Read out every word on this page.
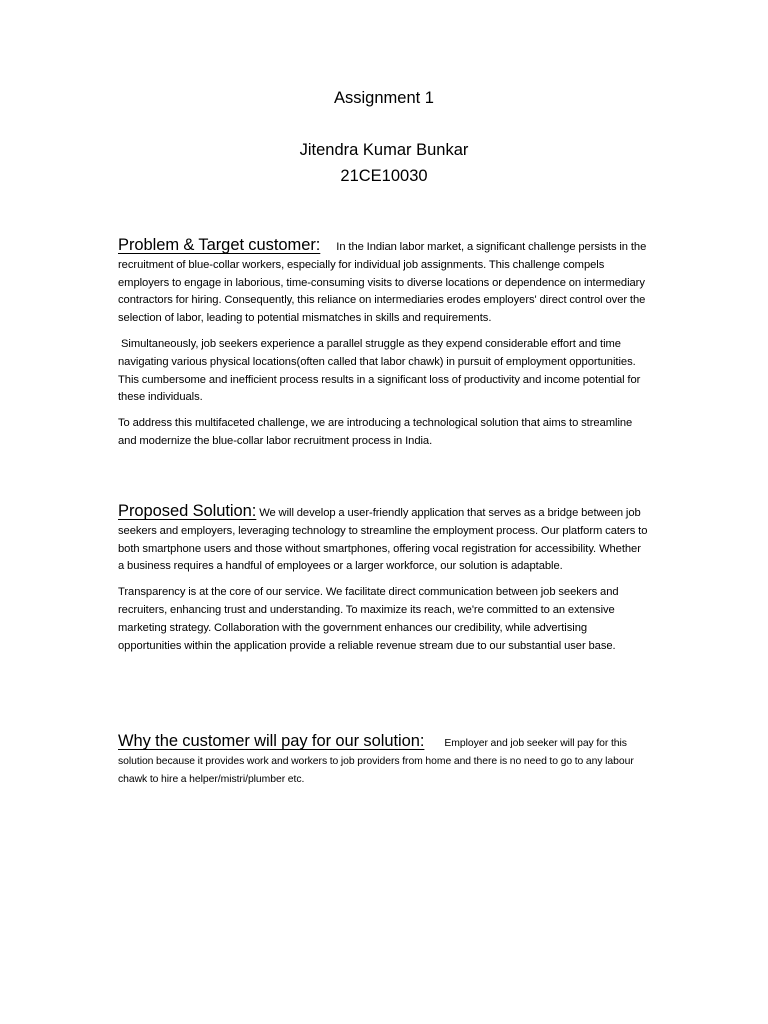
Assignment 1
Jitendra Kumar Bunkar
21CE10030

Problem & Target customer: In the Indian labor market, a significant challenge persists in the recruitment of blue-collar workers, especially for individual job assignments. This challenge compels employers to engage in laborious, time-consuming visits to diverse locations or dependence on intermediary contractors for hiring. Consequently, this reliance on intermediaries erodes employers' direct control over the selection of labor, leading to potential mismatches in skills and requirements.

Simultaneously, job seekers experience a parallel struggle as they expend considerable effort and time navigating various physical locations(often called that labor chawk) in pursuit of employment opportunities. This cumbersome and inefficient process results in a significant loss of productivity and income potential for these individuals.

To address this multifaceted challenge, we are introducing a technological solution that aims to streamline and modernize the blue-collar labor recruitment process in India.

Proposed Solution: We will develop a user-friendly application that serves as a bridge between job seekers and employers, leveraging technology to streamline the employment process. Our platform caters to both smartphone users and those without smartphones, offering vocal registration for accessibility. Whether a business requires a handful of employees or a larger workforce, our solution is adaptable.

Transparency is at the core of our service. We facilitate direct communication between job seekers and recruiters, enhancing trust and understanding. To maximize its reach, we're committed to an extensive marketing strategy. Collaboration with the government enhances our credibility, while advertising opportunities within the application provide a reliable revenue stream due to our substantial user base.

Why the customer will pay for our solution: Employer and job seeker will pay for this solution because it provides work and workers to job providers from home and there is no need to go to any labour chawk to hire a helper/mistri/plumber etc.
